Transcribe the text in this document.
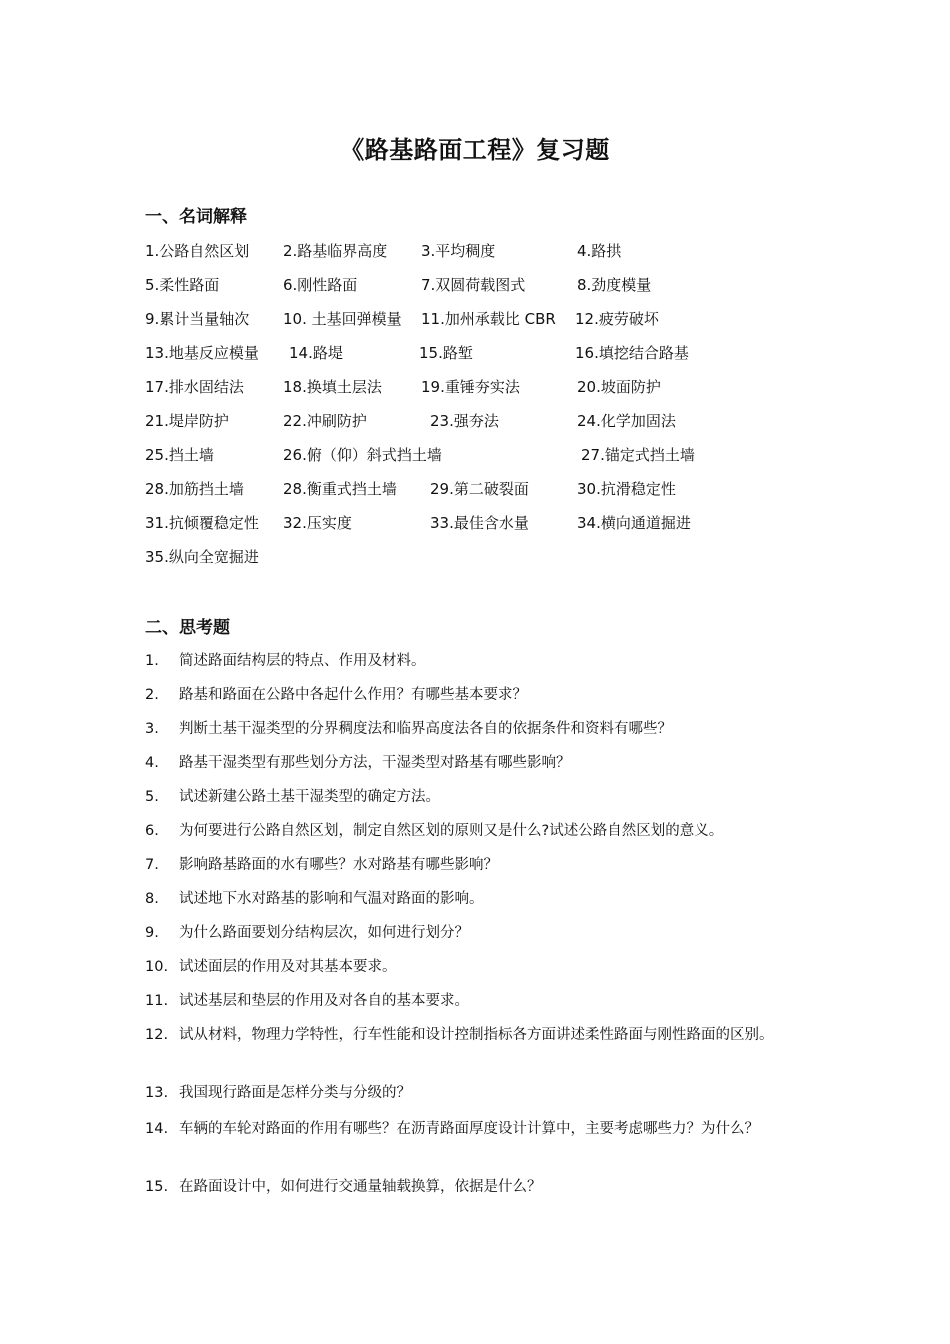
《路基路面工程》复习题
一、名词解释
1.公路自然区划 2.路基临界高度 3.平均稠度	4.路拱
5.柔性路面	6.刚性路面	7.双圆荷载图式	8.劲度模量
9.累计当量轴次 10. 土基回弹模量 11.加州承载比 CBR 12.疲劳破坏
13.地基反应模量 14.路堤	15.路堑	16.填挖结合路基
17.排水固结法	18.换填土层法	19.重锤夯实法	20.坡面防护
21.堤岸防护	22.冲刷防护	23.强夯法	24.化学加固法
25.挡土墙	26.俯（仰）斜式挡土墙	27.锚定式挡土墙
28.加筋挡土墙	28.衡重式挡土墙 29.第二破裂面	30.抗滑稳定性
31.抗倾覆稳定性 32.压实度	33.最佳含水量	34.横向通道掘进
35.纵向全宽掘进
二、思考题
1. 简述路面结构层的特点、作用及材料。
2. 路基和路面在公路中各起什么作用？有哪些基本要求？
3. 判断土基干湿类型的分界稠度法和临界高度法各自的依据条件和资料有哪些？
4. 路基干湿类型有那些划分方法，干湿类型对路基有哪些影响？
5. 试述新建公路土基干湿类型的确定方法。
6. 为何要进行公路自然区划，制定自然区划的原则又是什么?试述公路自然区划的意义。
7. 影响路基路面的水有哪些？水对路基有哪些影响？
8. 试述地下水对路基的影响和气温对路面的影响。
9. 为什么路面要划分结构层次，如何进行划分？
10. 试述面层的作用及对其基本要求。
11. 试述基层和垫层的作用及对各自的基本要求。
12. 试从材料，物理力学特性，行车性能和设计控制指标各方面讲述柔性路面与刚性路面的区别。
13. 我国现行路面是怎样分类与分级的？
14. 车辆的车轮对路面的作用有哪些？在沥青路面厚度设计计算中，主要考虑哪些力？为什么？
15. 在路面设计中，如何进行交通量轴载换算，依据是什么？
